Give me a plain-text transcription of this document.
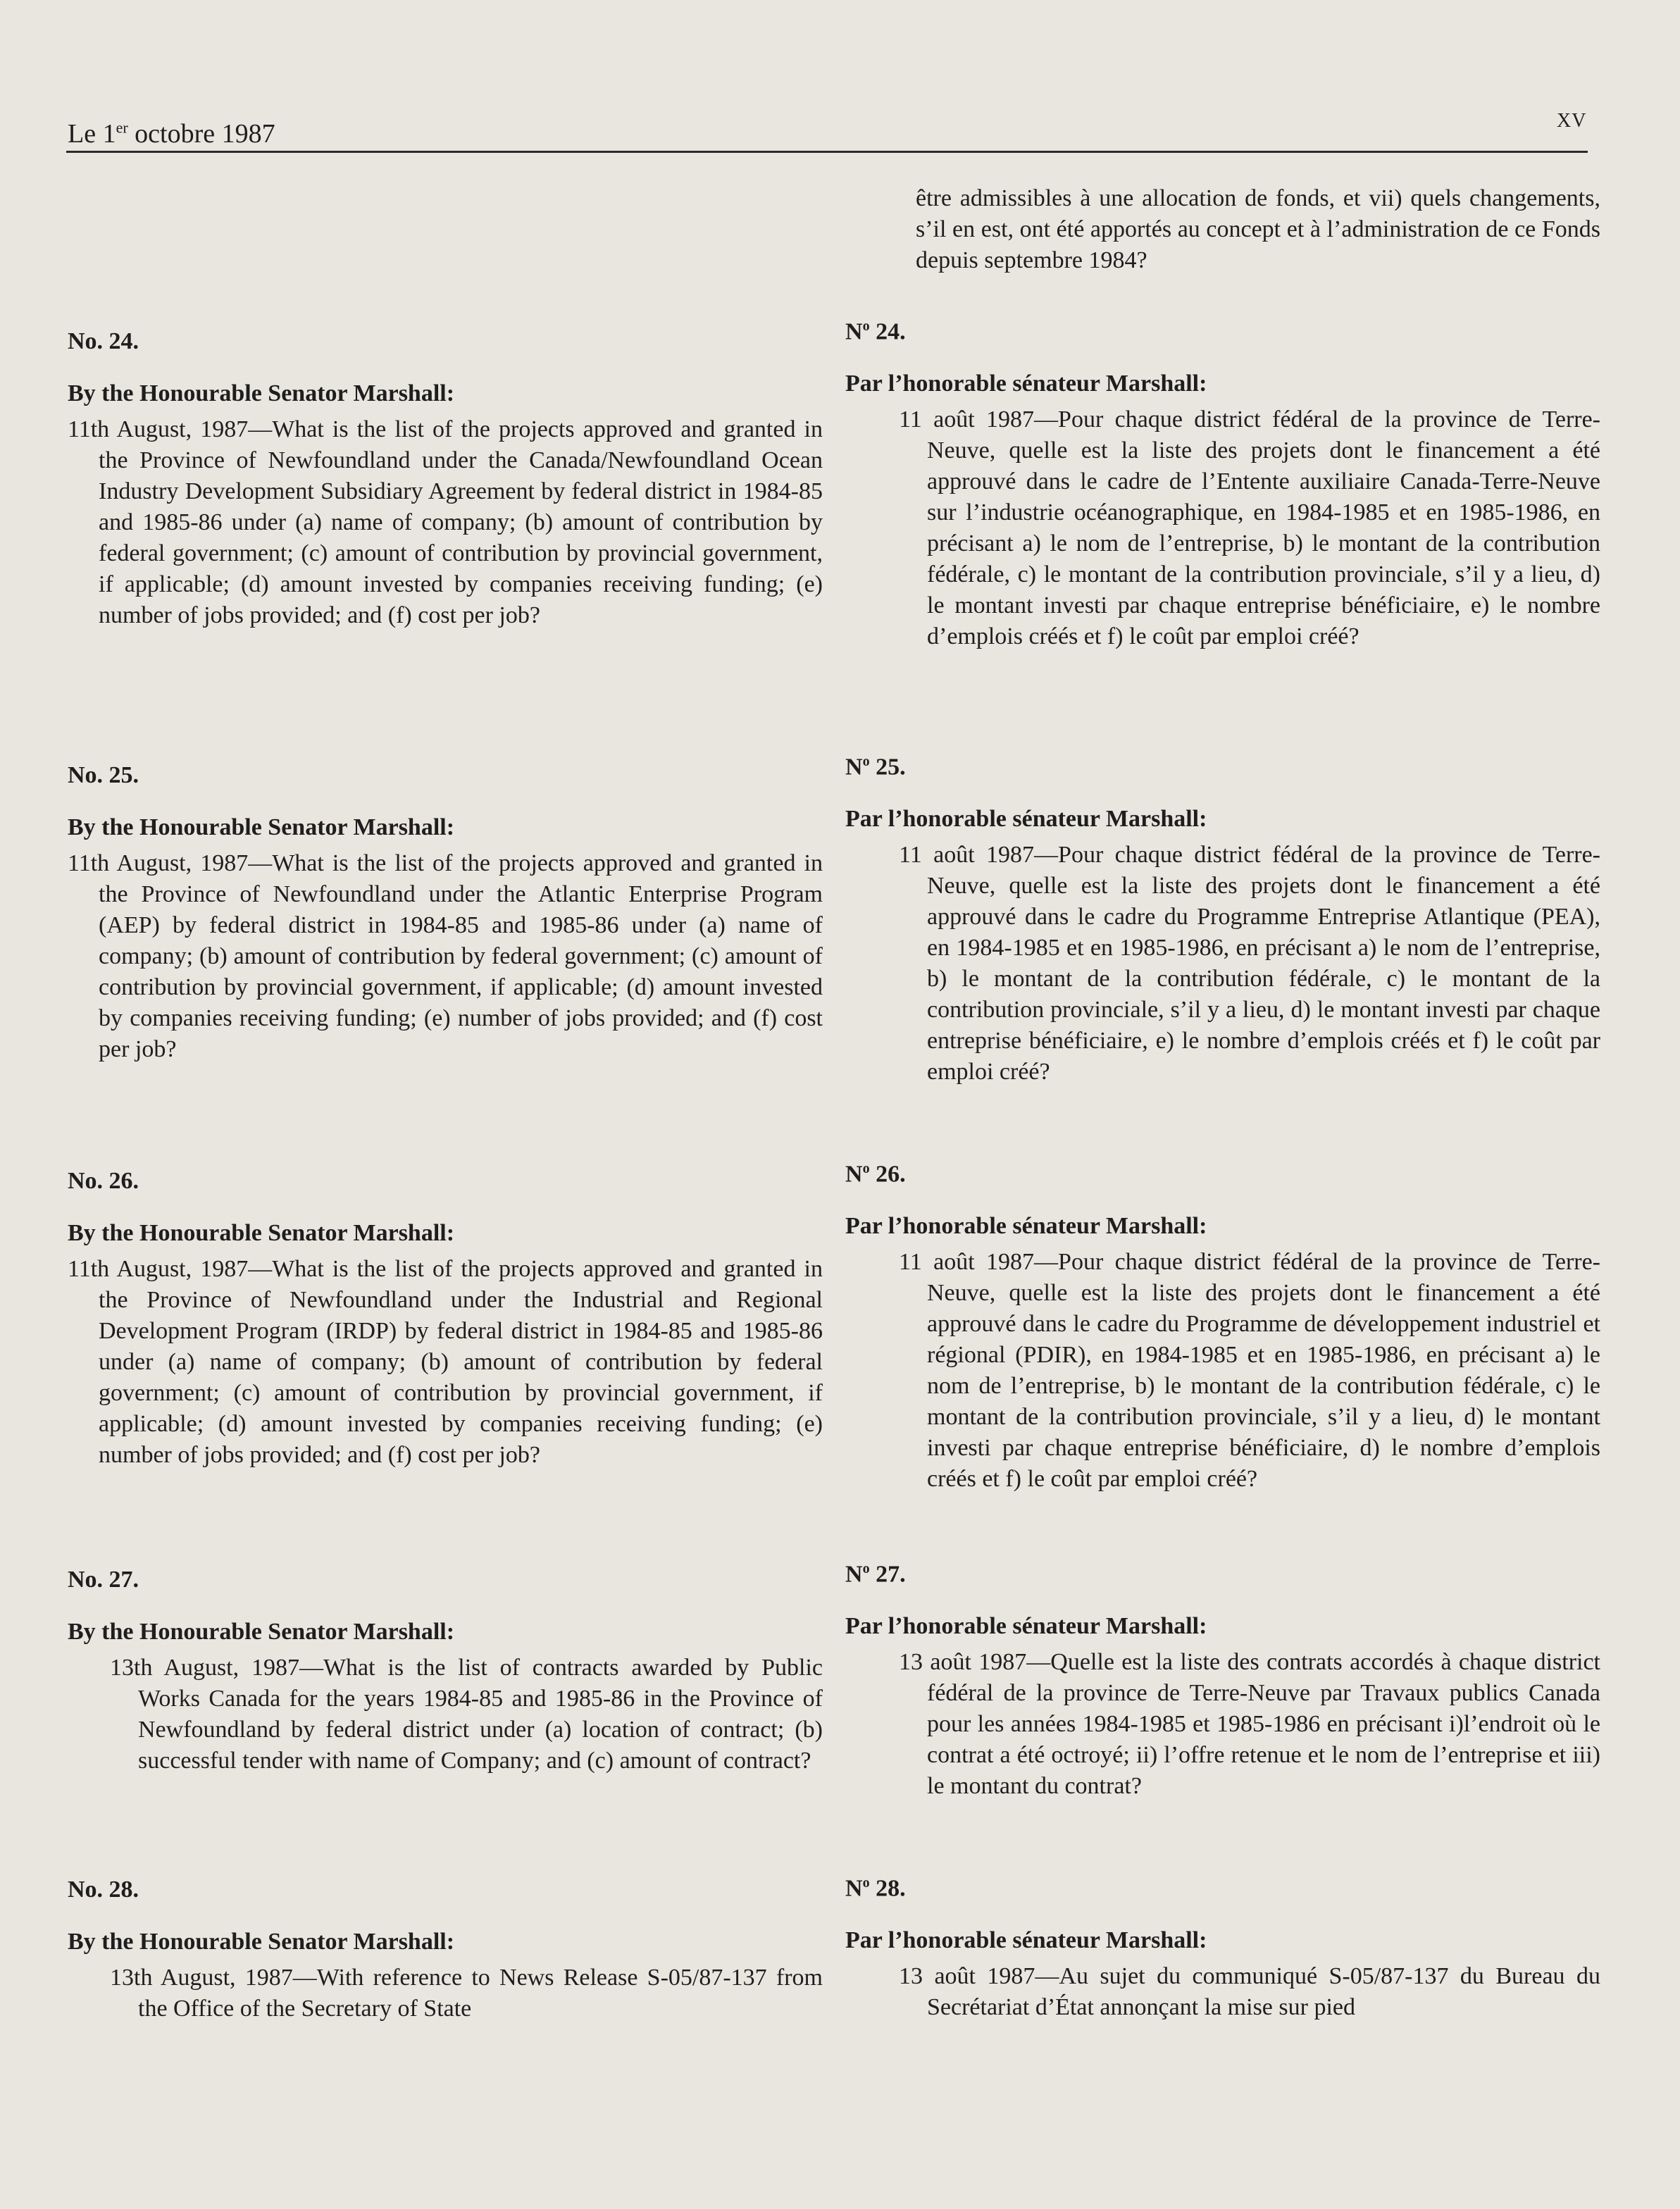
Le 1er octobre 1987	XV

No. 24.

By the Honourable Senator Marshall:

11th August, 1987—What is the list of the projects approved and granted in the Province of Newfoundland under the Canada/Newfoundland Ocean Industry Development Subsidiary Agreement by federal district in 1984-85 and 1985-86 under (a) name of company; (b) amount of contribution by federal government; (c) amount of contribution by provincial government, if applicable; (d) amount invested by companies receiving funding; (e) number of jobs provided; and (f) cost per job?

No. 25.

By the Honourable Senator Marshall:

11th August, 1987—What is the list of the projects approved and granted in the Province of Newfoundland under the Atlantic Enterprise Program (AEP) by federal district in 1984-85 and 1985-86 under (a) name of company; (b) amount of contribution by federal government; (c) amount of contribution by provincial government, if applicable; (d) amount invested by companies receiving funding; (e) number of jobs provided; and (f) cost per job?

No. 26.

By the Honourable Senator Marshall:

11th August, 1987—What is the list of the projects approved and granted in the Province of Newfoundland under the Industrial and Regional Development Program (IRDP) by federal district in 1984-85 and 1985-86 under (a) name of company; (b) amount of contribution by federal government; (c) amount of contribution by provincial government, if applicable; (d) amount invested by companies receiving funding; (e) number of jobs provided; and (f) cost per job?

No. 27.

By the Honourable Senator Marshall:

13th August, 1987—What is the list of contracts awarded by Public Works Canada for the years 1984-85 and 1985-86 in the Province of Newfoundland by federal district under (a) location of contract; (b) successful tender with name of Company; and (c) amount of contract?

No. 28.

By the Honourable Senator Marshall:

13th August, 1987—With reference to News Release S-05/87-137 from the Office of the Secretary of State

être admissibles à une allocation de fonds, et vii) quels changements, s’il en est, ont été apportés au concept et à l’administration de ce Fonds depuis septembre 1984?

$N^o$ 24.

Par l’honorable sénateur Marshall:

11 août 1987—Pour chaque district fédéral de la province de Terre- Neuve, quelle est la liste des projets dont le financement a été approuvé dans le cadre de l’Entente auxiliaire Canada-Terre-Neuve sur l’industrie océanographique, en 1984-1985 et en 1985-1986, en précisant a) le nom de l’entreprise, b) le montant de la contribution fédérale, c) le montant de la contribution provinciale, s’il y a lieu, d) le montant investi par chaque entreprise bénéficiaire, e) le nombre d’emplois créés et f) le coût par emploi créé?

$N^o$ 25.

Par l’honorable sénateur Marshall:

11 août 1987—Pour chaque district fédéral de la province de Terre- Neuve, quelle est la liste des projets dont le financement a été approuvé dans le cadre du Programme Entreprise Atlantique (PEA), en 1984-1985 et en 1985-1986, en précisant a) le nom de l’entreprise, b) le montant de la contribution fédérale, c) le montant de la contribution provinciale, s’il y a lieu, d) le montant investi par chaque entreprise bénéficiaire, e) le nombre d’emplois créés et f) le coût par emploi créé?

$N^o$ 26.

Par l’honorable sénateur Marshall:

11 août 1987—Pour chaque district fédéral de la province de Terre- Neuve, quelle est la liste des projets dont le financement a été approuvé dans le cadre du Programme de développement industriel et régional (PDIR), en 1984-1985 et en 1985-1986, en précisant a) le nom de l’entreprise, b) le montant de la contribution fédérale, c) le montant de la contribution provinciale, s’il y a lieu, d) le montant investi par chaque entreprise bénéficiaire, d) le nombre d’emplois créés et f) le coût par emploi créé?

$N^o$ 27.

Par l’honorable sénateur Marshall:

13 août 1987—Quelle est la liste des contrats accordés à chaque district fédéral de la province de Terre-Neuve par Travaux publics Canada pour les années 1984-1985 et 1985-1986 en précisant i)l’endroit où le contrat a été octroyé; ii) l’offre retenue et le nom de l’entreprise et iii) le montant du contrat?

$N^o$ 28.

Par l’honorable sénateur Marshall:

13 août 1987—Au sujet du communiqué S-05/87-137 du Bureau du Secrétariat d’État annonçant la mise sur pied
